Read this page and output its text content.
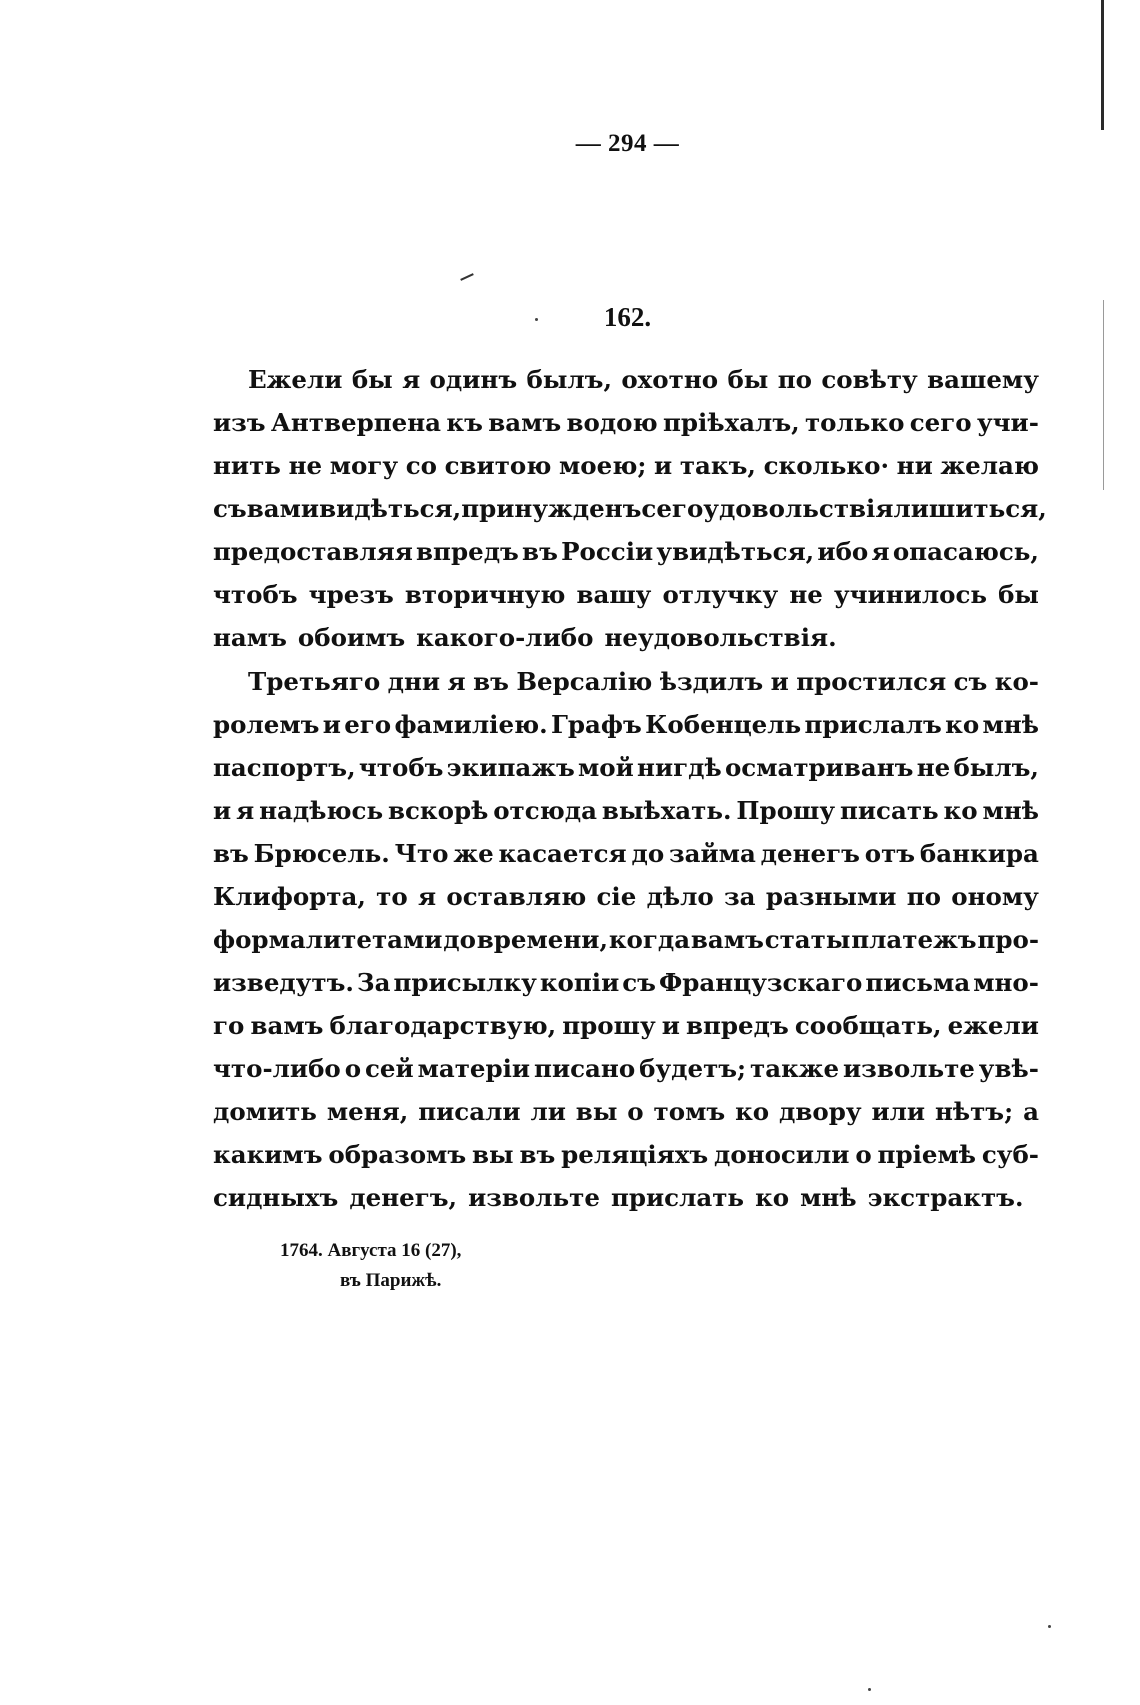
— 294 —
162.
Ежели бы я одинъ былъ, охотно бы по совѣту вашему
изъ Антверпена къ вамъ водою пріѣхалъ, только сего учи-
нить не могу со свитою моею; и такъ, сколько· ни желаю
съ вами видѣться, принужденъ сего удовольствія лишиться,
предоставляя впредъ въ Россіи увидѣться, ибо я опасаюсь,
чтобъ чрезъ вторичную вашу отлучку не учинилось бы
намъ обоимъ какого-либо неудовольствія.
Третьяго дни я въ Версалію ѣздилъ и простился съ ко-
ролемъ и его фамиліею. Графъ Кобенцель прислалъ ко мнѣ
паспортъ, чтобъ экипажъ мой нигдѣ осматриванъ не былъ,
и я надѣюсь вскорѣ отсюда выѣхать. Прошу писать ко мнѣ
въ Брюсель. Что же касается до займа денегъ отъ банкира
Клифорта, то я оставляю сіе дѣло за разными по оному
формалитетами до времени, когда вамъ статы платежъ про-
изведутъ. За присылку копіи съ Французскаго письма мно-
го вамъ благодарствую, прошу и впредъ сообщать, ежели
что-либо о сей матеріи писано будетъ; также извольте увѣ-
домить меня, писали ли вы о томъ ко двору или нѣтъ; а
какимъ образомъ вы въ реляціяхъ доносили о пріемѣ суб-
сидныхъ денегъ, извольте прислать ко мнѣ экстрактъ.
1764. Августа 16 (27),
въ Парижѣ.
